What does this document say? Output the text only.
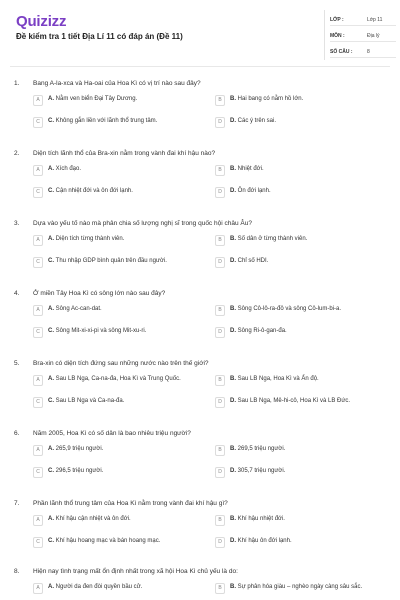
Quizizz
Đề kiểm tra 1 tiết Địa Lí 11 có đáp án (Đề 11)
LỚP :	Lớp 11
MÔN :	Địa lý
SỐ CÂU :	8
1. Bang A-la-xca và Ha-oai của Hoa Kì có vị trí nào sau đây?
A	A. Nằm ven biển Đại Tây Dương.	B	B. Hai bang có nằm hồ lớn.
C	C. Không gắn liền với lãnh thổ trung tâm.	D	D. Các ý trên sai.
2. Diện tích lãnh thổ của Bra-xin nằm trong vành đai khí hậu nào?
A	A. Xích đạo.	B	B. Nhiệt đới.
C	C. Cận nhiệt đới và ôn đới lạnh.	D	D. Ôn đới lạnh.
3. Dựa vào yếu tố nào mà phân chia số lượng nghị sĩ trong quốc hội châu Âu?
A	A. Diện tích từng thành viên.	B	B. Số dân ở từng thành viên.
C	C. Thu nhập GDP bình quân trên đầu người.	D	D. Chỉ số HDI.
4. Ở miền Tây Hoa Kì có sông lớn nào sau đây?
A	A. Sông Ac-can-dat.	B	B. Sông Cô-lô-ra-đô và sông Cô-lum-bi-a.
C	C. Sông Mit-xi-xi-pi và sông Mit-xu-ri.	D	D. Sông Ri-ô-gan-đa.
5. Bra-xin có diện tích đứng sau những nước nào trên thế giới?
A	A. Sau LB Nga, Ca-na-đa, Hoa Kì và Trung Quốc.	B	B. Sau LB Nga, Hoa Kì và Ấn độ.
C	C. Sau LB Nga và Ca-na-đa.	D	D. Sau LB Nga, Mê-hi-cô, Hoa Kì và LB Đức.
6. Năm 2005, Hoa Kì có số dân là bao nhiêu triệu người?
A	A. 265,9 triệu người.	B	B. 269,5 triệu người.
C	C. 296,5 triệu người.	D	D. 305,7 triệu người.
7. Phần lãnh thổ trung tâm của Hoa Kì nằm trong vành đai khí hậu gì?
A	A. Khí hậu cận nhiệt và ôn đới.	B	B. Khí hậu nhiệt đới.
C	C. Khí hậu hoang mạc và bán hoang mạc.	D	D. Khí hậu ôn đới lạnh.
8. Hiện nay tình trạng mất ổn định nhất trong xã hội Hoa Kì chủ yếu là do:
A	A. Người da đen đòi quyền bầu cử.	B	B. Sự phân hóa giàu – nghèo ngày càng sâu sắc.
